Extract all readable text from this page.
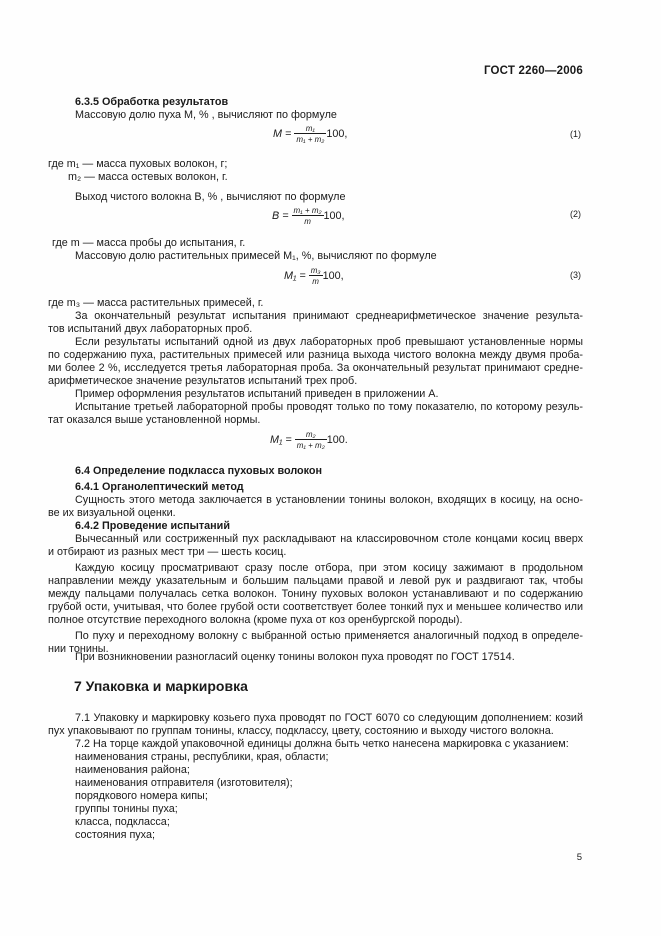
ГОСТ 2260—2006
6.3.5 Обработка результатов
Массовую долю пуха М, % , вычисляют по формуле
$М = \frac{\text{m₁}}{\text{m₁ + m₂}} 100$,	(1)
где m₁ — масса пуховых волокон, г;
m₂ — масса остевых волокон, г.
Выход чистого волокна В, % , вычисляют по формуле
$В = \frac{\text{m₁ + m₂}}{m} 100$,	(2)
где m — масса пробы до испытания, г.
Массовую долю растительных примесей М₁, %, вычисляют по формуле
$М_1 = \frac{\text{m₃}}{m} 100$,	(3)
где m₃ — масса растительных примесей, г.
За окончательный результат испытания принимают среднеарифметическое значение результа-
тов испытаний двух лабораторных проб.
Если результаты испытаний одной из двух лабораторных проб превышают установленные нормы
по содержанию пуха, растительных примесей или разница выхода чистого волокна между двумя проба-
ми более 2 %, исследуется третья лабораторная проба. За окончательный результат принимают средне-
арифметическое значение результатов испытаний трех проб.
Пример оформления результатов испытаний приведен в приложении А.
Испытание третьей лабораторной пробы проводят только по тому показателю, по которому резуль-
тат оказался выше установленной нормы.
$М_1 = \frac{\text{m₂}}{\text{m₁ + m₂}} 100$.
6.4 Определение подкласса пуховых волокон
6.4.1 Органолептический метод
Сущность этого метода заключается в установлении тонины волокон, входящих в косицу, на осно-
ве их визуальной оценки.
6.4.2 Проведение испытаний
Вычесанный или сострижeнный пух раскладывают на классировочном столе концами косиц вверх
и отбирают из разных мест три — шесть косиц.
Каждую косицу просматривают сразу после отбора, при этом косицу зажимают в продольном
направлении между указательным и большим пальцами правой и левой рук и раздвигают так, чтобы
между пальцами получалась сетка волокон. Тонину пуховых волокон устанавливают и по содержанию
грубой ости, учитывая, что более грубой ости соответствует более тонкий пух и меньшее количество или
полное отсутствие переходного волокна (кроме пуха от коз оренбургской породы).
По пуху и переходному волокну с выбранной остью применяется аналогичный подход в определе-
нии тонины.
При возникновении разногласий оценку тонины волокон пуха проводят по ГОСТ 17514.
7 Упаковка и маркировка
7.1 Упаковку и маркировку козьего пуха проводят по ГОСТ 6070 со следующим дополнением: козий
пух упаковывают по группам тонины, классу, подклассу, цвету, состоянию и выходу чистого волокна.
7.2 На торце каждой упаковочной единицы должна быть четко нанесена маркировка с указанием:
наименования страны, республики, края, области;
наименования района;
наименования отправителя (изготовителя);
порядкового номера кипы;
группы тонины пуха;
класса, подкласса;
состояния пуха;
5
